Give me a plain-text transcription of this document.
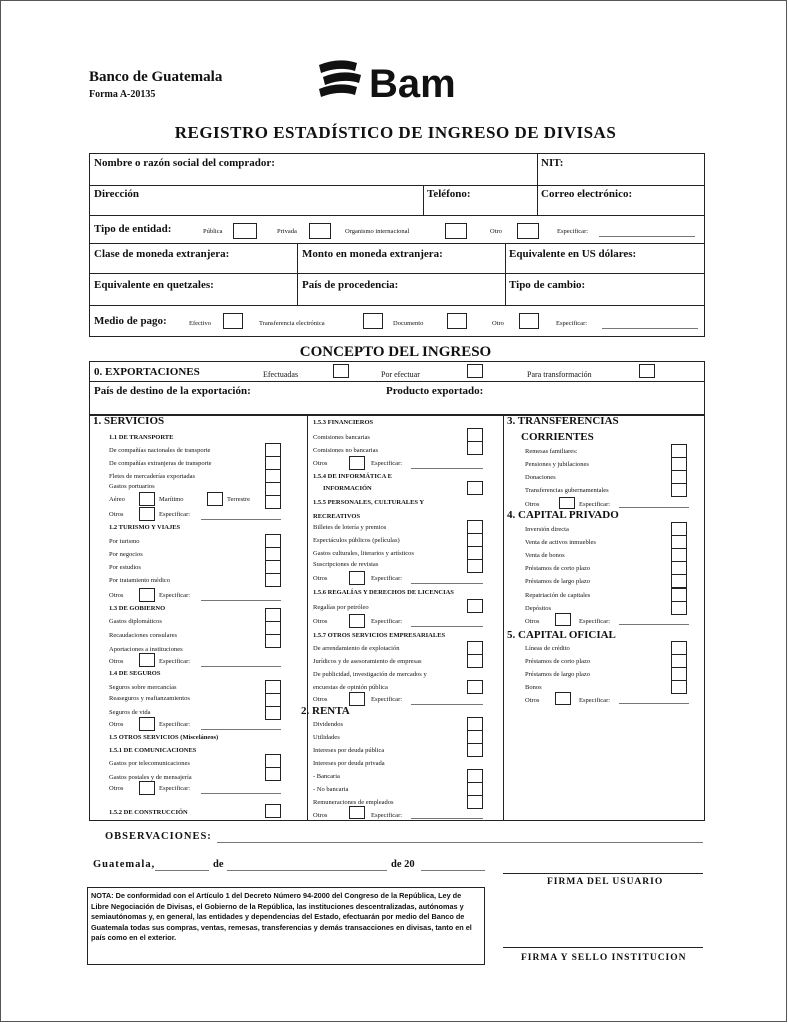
Banco de Guatemala
Forma A-20135	Bam
REGISTRO ESTADÍSTICO DE INGRESO DE DIVISAS
Nombre o razón social del comprador:	NIT:
Dirección	Teléfono:	Correo electrónico:
Tipo de entidad:	Pública	Privada	Organismo internacional	Otro	Especificar:
Clase de moneda extranjera:	Monto en moneda extranjera:	Equivalente en US dólares:
Equivalente en quetzales:	País de procedencia:	Tipo de cambio:
Medio de pago:	Efectivo	Transferencia electrónica	Documento	Otro	Especificar:
CONCEPTO DEL INGRESO
0. EXPORTACIONES	Efectuadas	Por efectuar	Para transformación
País de destino de la exportación:	Producto exportado:
1. SERVICIOS
1.1 DE TRANSPORTE
De compañías nacionales de transporte
De compañías extranjeras de transporte
Fletes de mercaderías exportadas
Gastos portuarios
Aéreo	Marítimo	Terrestre
Otros	Especificar:
1.2 TURISMO Y VIAJES
Por turismo
Por negocios
Por estudios
Por tratamiento médico
Otros	Especificar:
1.3 DE GOBIERNO
Gastos diplomáticos
Recaudaciones consulares
Aportaciones a instituciones
Otros	Especificar:
1.4 DE SEGUROS
Seguros sobre mercancías
Reaseguros y reafianzamientos
Seguros de vida
Otros	Especificar:
1.5 OTROS SERVICIOS (Misceláneos)
1.5.1 DE COMUNICACIONES
Gastos por telecomunicaciones
Gastos postales y de mensajería
Otros	Especificar:
1.5.2 DE CONSTRUCCIÓN
1.5.3 FINANCIEROS
Comisiones bancarias
Comisiones no bancarias
Otros	Especificar:
1.5.4 DE INFORMÁTICA E
INFORMACIÓN
1.5.5 PERSONALES, CULTURALES Y
RECREATIVOS
Billetes de lotería y premios
Espectáculos públicos (películas)
Gastos culturales, literarios y artísticos
Suscripciones de revistas
Otros	Especificar:
1.5.6 REGALÍAS Y DERECHOS DE LICENCIAS
Regalías por petróleo
Otros	Especificar:
1.5.7 OTROS SERVICIOS EMPRESARIALES
De arrendamiento de explotación
Jurídicos y de asesoramiento de empresas
De publicidad, investigación de mercados y
encuestas de opinión pública
Otros	Especificar:
2. RENTA
Dividendos
Utilidades
Intereses por deuda pública
Intereses por deuda privada
- Bancaria
- No bancaria
Remuneraciones de empleados
Otros	Especificar:
3. TRANSFERENCIAS
CORRIENTES
Remesas familiares:
Pensiones y jubilaciones
Donaciones
Transferencias gubernamentales
Otros	Especificar:
4. CAPITAL PRIVADO
Inversión directa
Venta de activos inmuebles
Venta de bonos
Préstamos de corto plazo
Préstamos de largo plazo
Repatriación de capitales
Depósitos
Otros	Especificar:
5. CAPITAL OFICIAL
Líneas de crédito
Préstamos de corto plazo
Préstamos de largo plazo
Bonos
Otros	Especificar:
OBSERVACIONES:
Guatemala,	de	de 20
FIRMA DEL USUARIO
FIRMA Y SELLO INSTITUCION
NOTA: De conformidad con el Artículo 1 del Decreto Número 94-2000 del Congreso de la República, Ley de Libre Negociación de Divisas, el Gobierno de la República, las instituciones descentralizadas, autónomas y semiautónomas y, en general, las entidades y dependencias del Estado, efectuarán por medio del Banco de Guatemala todas sus compras, ventas, remesas, transferencias y demás transacciones en divisas, tanto en el país como en el exterior.
